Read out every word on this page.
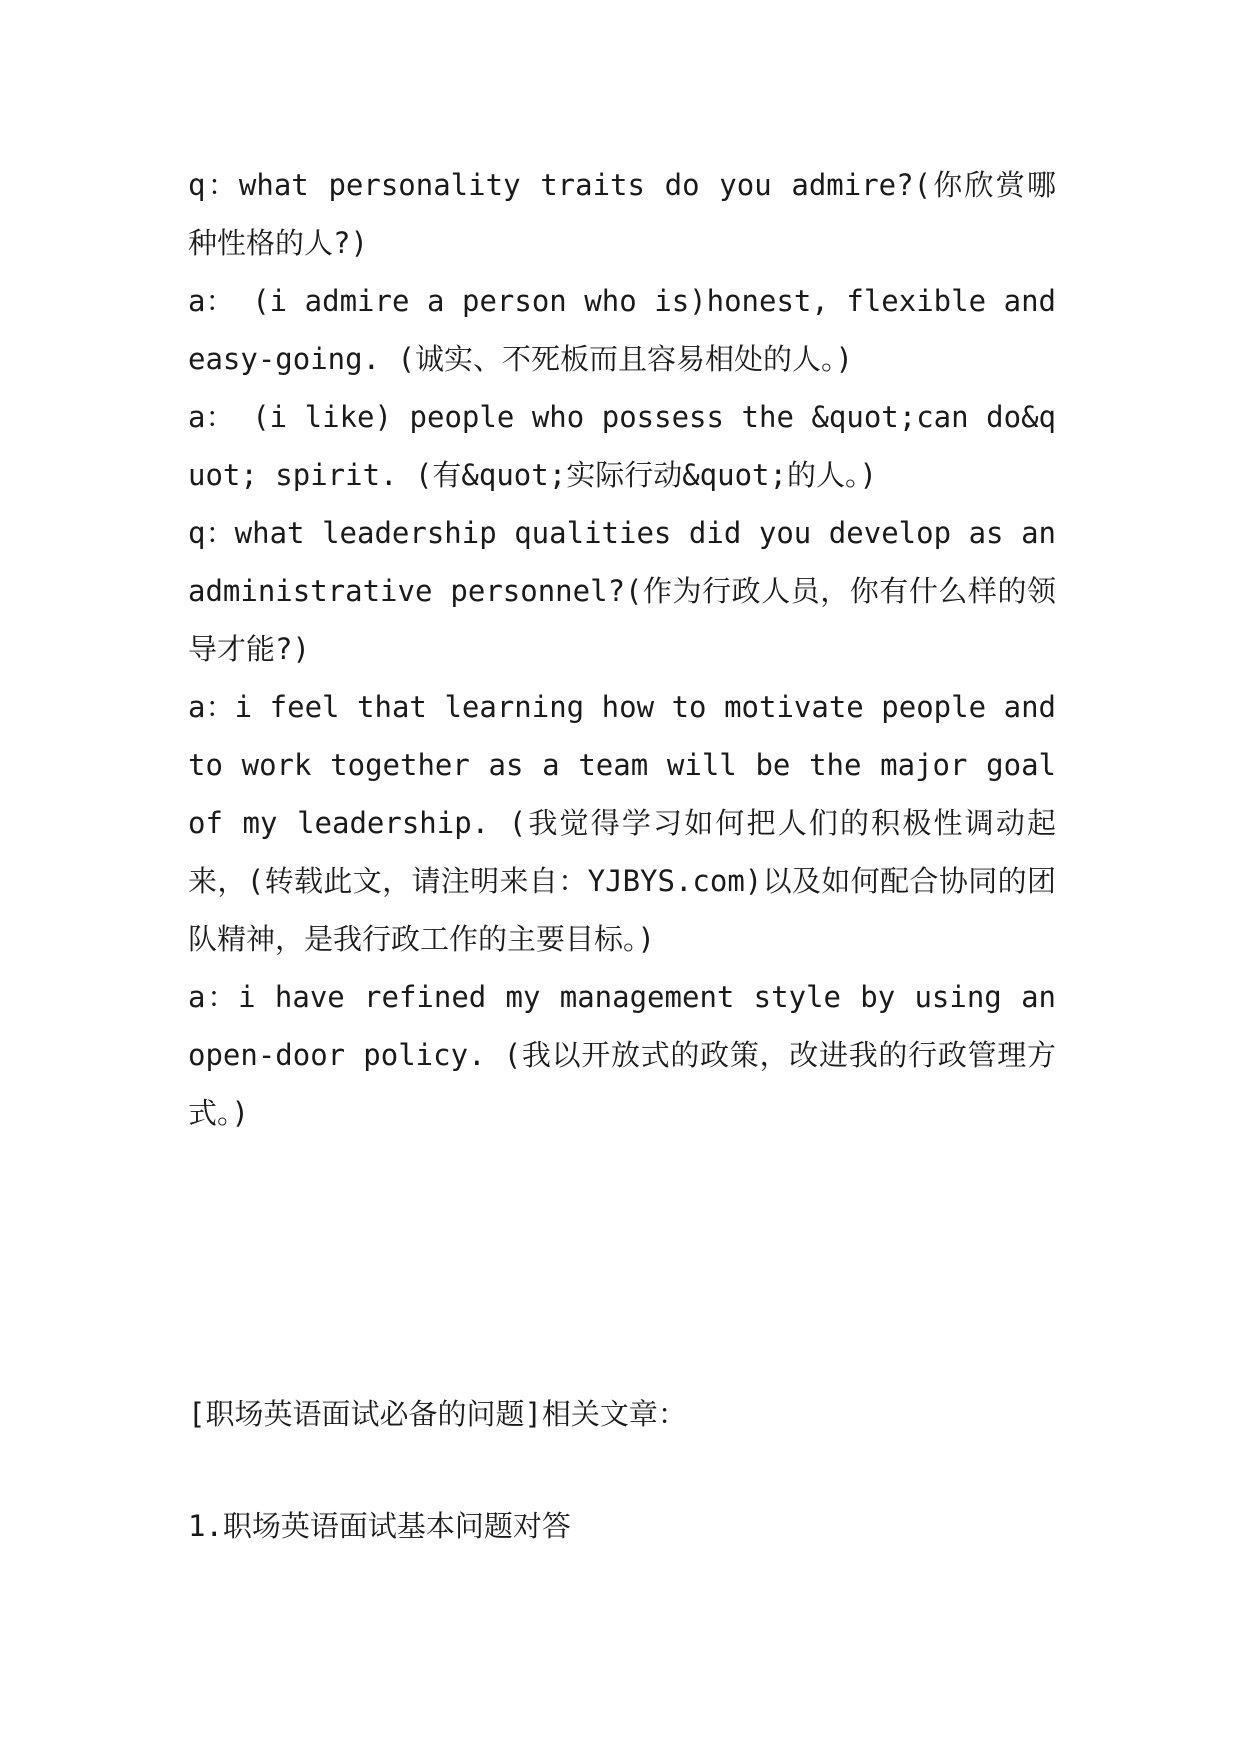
q：what personality traits do you admire?(你欣赏哪种性格的人?)

a： (i admire a person who is)honest, flexible and easy-going. (诚实、不死板而且容易相处的人。)

a： (i like) people who possess the &quot;can do&quot; spirit. (有&quot;实际行动&quot;的人。)

q：what leadership qualities did you develop as an administrative personnel?(作为行政人员，你有什么样的领导才能?)

a：i feel that learning how to motivate people and to work together as a team will be the major goal of my leadership. (我觉得学习如何把人们的积极性调动起来，(转载此文，请注明来自：YJBYS.com)以及如何配合协同的团队精神，是我行政工作的主要目标。)

a：i have refined my management style by using an open-door policy. (我以开放式的政策，改进我的行政管理方式。)

[职场英语面试必备的问题]相关文章：

1.职场英语面试基本问题对答
